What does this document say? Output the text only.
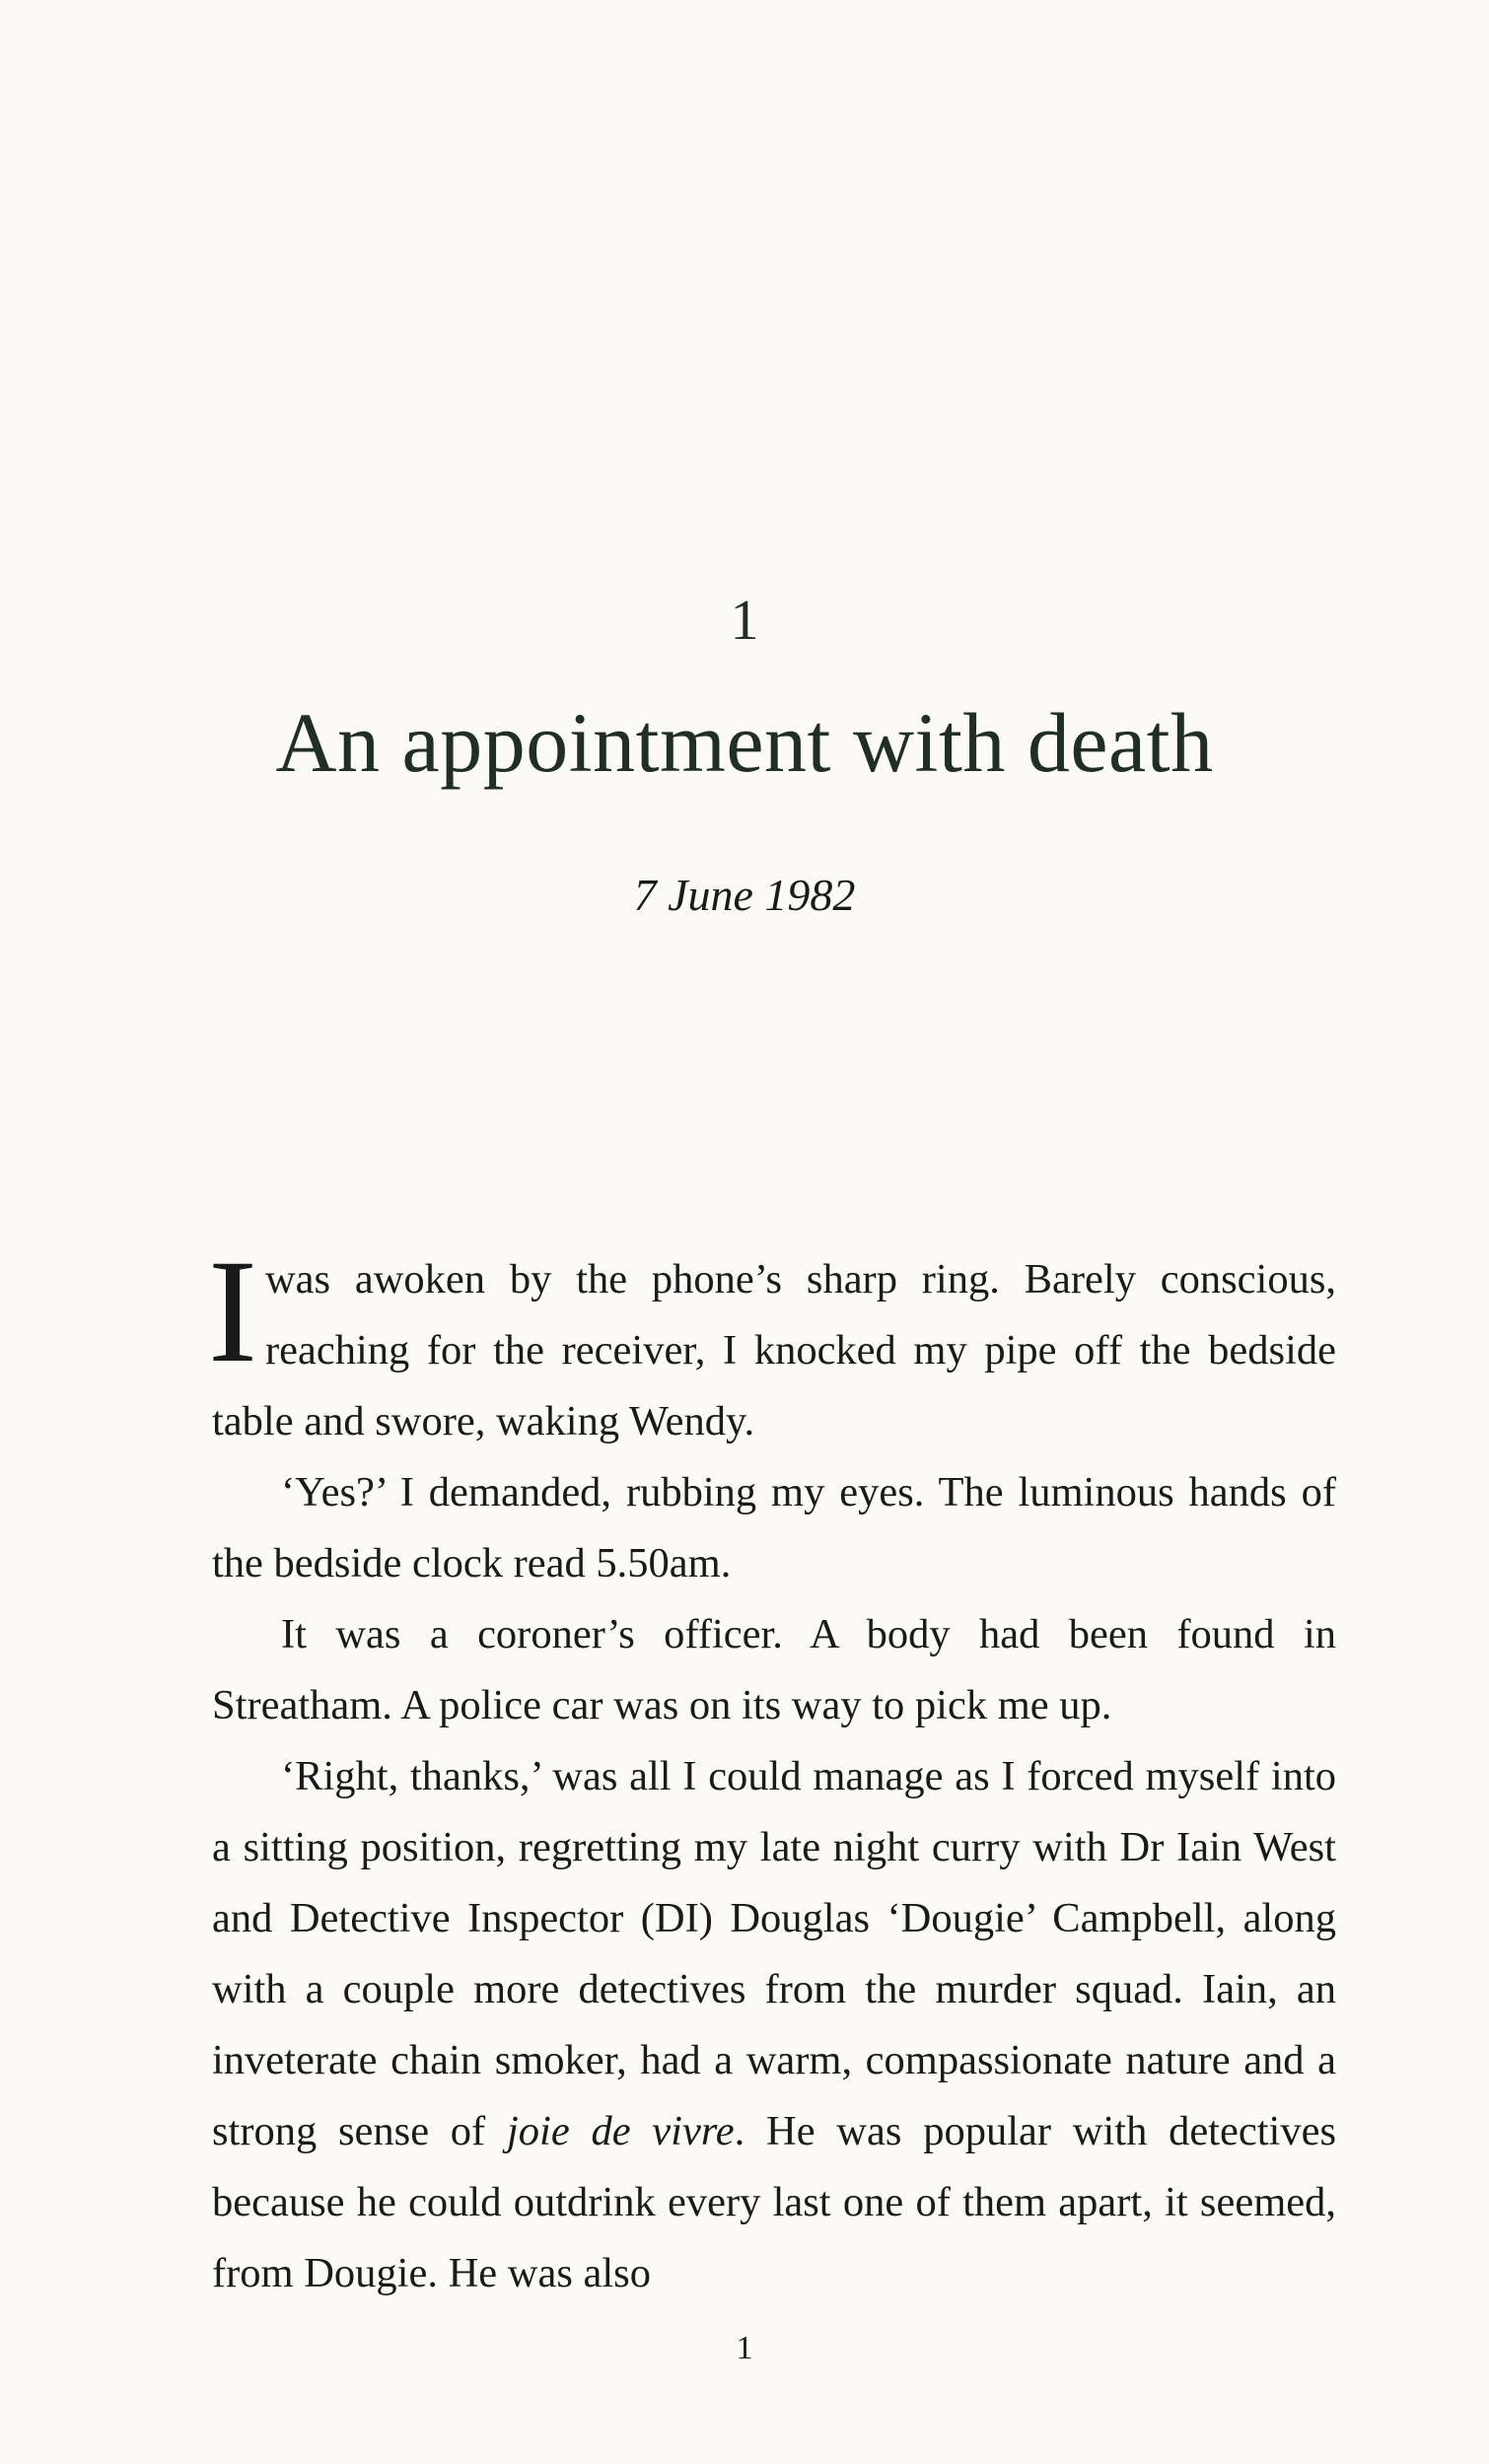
1
An appointment with death
7 June 1982

Iwas awoken by the phone’s sharp ring. Barely conscious, reaching for the receiver, I knocked my pipe off the bedside table and swore, waking Wendy.

‘Yes?’ I demanded, rubbing my eyes. The luminous hands of the bedside clock read 5.50am.

It was a coroner’s officer. A body had been found in Streatham. A police car was on its way to pick me up.

‘Right, thanks,’ was all I could manage as I forced myself into a sitting position, regretting my late night curry with Dr Iain West and Detective Inspector (DI) Douglas ‘Dougie’ Campbell, along with a couple more detectives from the murder squad. Iain, an inveterate chain smoker, had a warm, compassionate nature and a strong sense of joie de vivre. He was popular with detectives because he could outdrink every last one of them apart, it seemed, from Dougie. He was also

1
